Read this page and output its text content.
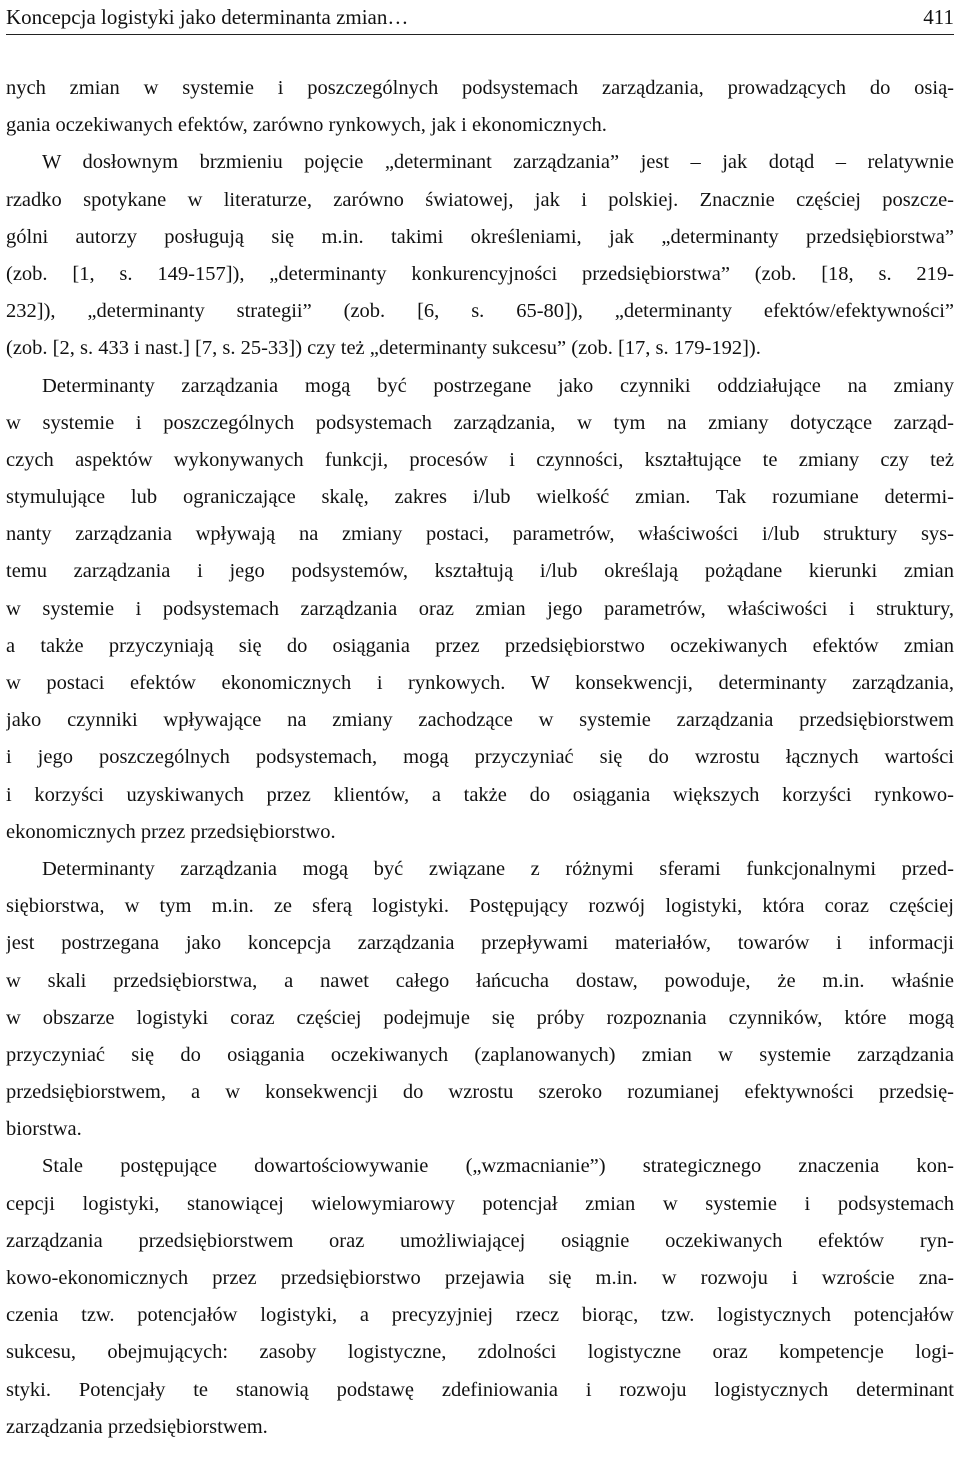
Koncepcja logistyki jako determinanta zmian…	411
nych zmian w systemie i poszczególnych podsystemach zarządzania, prowadzących do osią-
gania oczekiwanych efektów, zarówno rynkowych, jak i ekonomicznych.
W dosłownym brzmieniu pojęcie „determinant zarządzania” jest – jak dotąd – relatywnie
rzadko spotykane w literaturze, zarówno światowej, jak i polskiej. Znacznie częściej poszcze-
gólni autorzy posługują się m.in. takimi określeniami, jak „determinanty przedsiębiorstwa”
(zob. [1, s. 149-157]), „determinanty konkurencyjności przedsiębiorstwa” (zob. [18, s. 219-
232]), „determinanty strategii” (zob. [6, s. 65-80]), „determinanty efektów/efektywności”
(zob. [2, s. 433 i nast.] [7, s. 25-33]) czy też „determinanty sukcesu” (zob. [17, s. 179-192]).
Determinanty zarządzania mogą być postrzegane jako czynniki oddziałujące na zmiany
w systemie i poszczególnych podsystemach zarządzania, w tym na zmiany dotyczące zarząd-
czych aspektów wykonywanych funkcji, procesów i czynności, kształtujące te zmiany czy też
stymulujące lub ograniczające skalę, zakres i/lub wielkość zmian. Tak rozumiane determi-
nanty zarządzania wpływają na zmiany postaci, parametrów, właściwości i/lub struktury sys-
temu zarządzania i jego podsystemów, kształtują i/lub określają pożądane kierunki zmian
w systemie i podsystemach zarządzania oraz zmian jego parametrów, właściwości i struktury,
a także przyczyniają się do osiągania przez przedsiębiorstwo oczekiwanych efektów zmian
w postaci efektów ekonomicznych i rynkowych. W konsekwencji, determinanty zarządzania,
jako czynniki wpływające na zmiany zachodzące w systemie zarządzania przedsiębiorstwem
i jego poszczególnych podsystemach, mogą przyczyniać się do wzrostu łącznych wartości
i korzyści uzyskiwanych przez klientów, a także do osiągania większych korzyści rynkowo-
ekonomicznych przez przedsiębiorstwo.
Determinanty zarządzania mogą być związane z różnymi sferami funkcjonalnymi przed-
siębiorstwa, w tym m.in. ze sferą logistyki. Postępujący rozwój logistyki, która coraz częściej
jest postrzegana jako koncepcja zarządzania przepływami materiałów, towarów i informacji
w skali przedsiębiorstwa, a nawet całego łańcucha dostaw, powoduje, że m.in. właśnie
w obszarze logistyki coraz częściej podejmuje się próby rozpoznania czynników, które mogą
przyczyniać się do osiągania oczekiwanych (zaplanowanych) zmian w systemie zarządzania
przedsiębiorstwem, a w konsekwencji do wzrostu szeroko rozumianej efektywności przedsię-
biorstwa.
Stale postępujące dowartościowywanie („wzmacnianie”) strategicznego znaczenia kon-
cepcji logistyki, stanowiącej wielowymiarowy potencjał zmian w systemie i podsystemach
zarządzania przedsiębiorstwem oraz umożliwiającej osiągnie oczekiwanych efektów ryn-
kowo-ekonomicznych przez przedsiębiorstwo przejawia się m.in. w rozwoju i wzroście zna-
czenia tzw. potencjałów logistyki, a precyzyjniej rzecz biorąc, tzw. logistycznych potencjałów
sukcesu, obejmujących: zasoby logistyczne, zdolności logistyczne oraz kompetencje logi-
styki. Potencjały te stanowią podstawę zdefiniowania i rozwoju logistycznych determinant
zarządzania przedsiębiorstwem.
